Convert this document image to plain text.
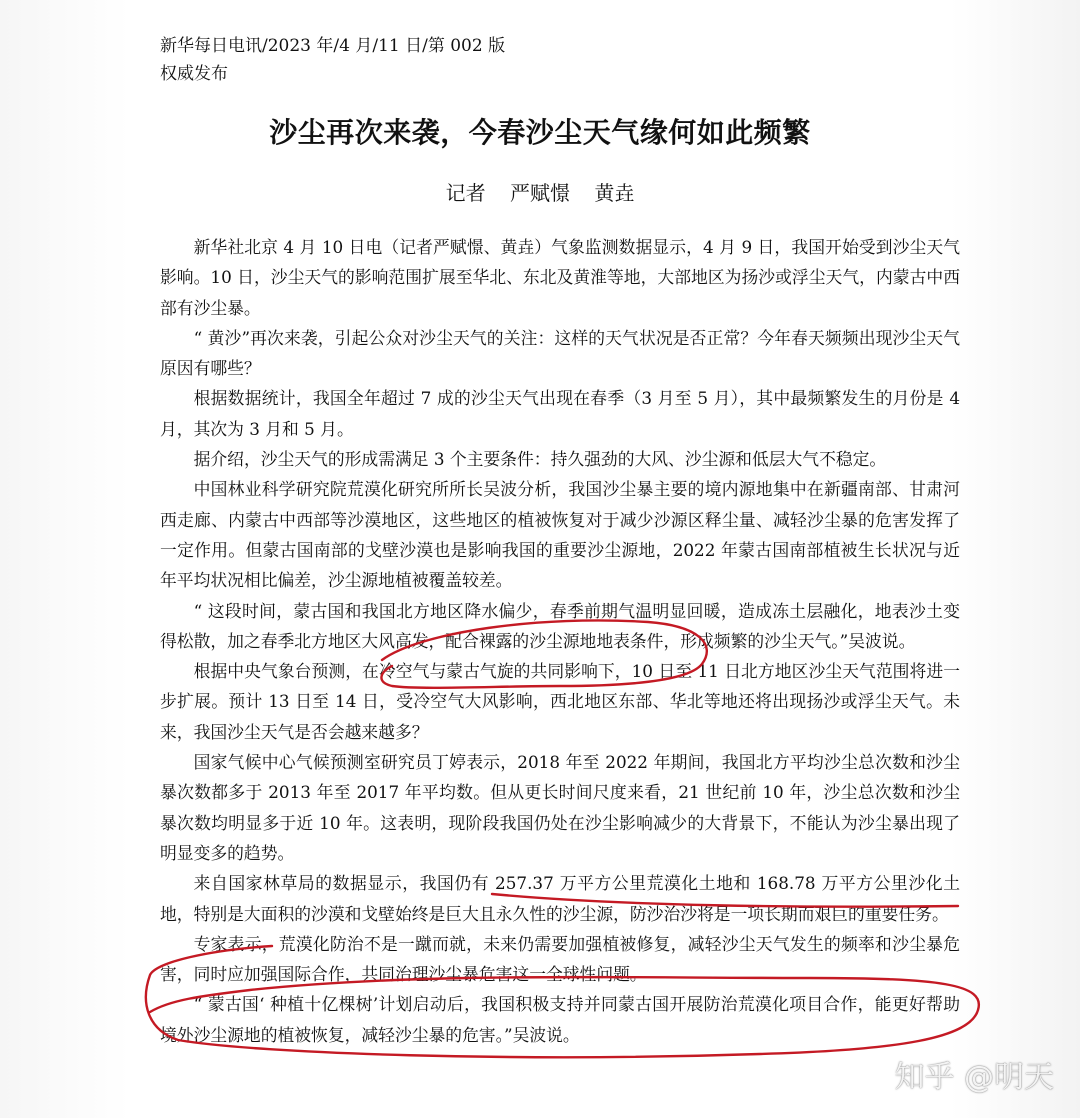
新华每日电讯/2023 年/4 月/11 日/第 002 版
权威发布
沙尘再次来袭，今春沙尘天气缘何如此频繁
记者 严赋憬 黄垚

新华社北京 4 月 10 日电（记者严赋憬、黄垚）气象监测数据显示，4 月 9 日，我国开始受到沙尘天气影响。10 日，沙尘天气的影响范围扩展至华北、东北及黄淮等地，大部地区为扬沙或浮尘天气，内蒙古中西部有沙尘暴。

“ 黄沙”再次来袭，引起公众对沙尘天气的关注：这样的天气状况是否正常？今年春天频频出现沙尘天气原因有哪些？

根据数据统计，我国全年超过 7 成的沙尘天气出现在春季（3 月至 5 月），其中最频繁发生的月份是 4 月，其次为 3 月和 5 月。

据介绍，沙尘天气的形成需满足 3 个主要条件：持久强劲的大风、沙尘源和低层大气不稳定。

中国林业科学研究院荒漠化研究所所长吴波分析，我国沙尘暴主要的境内源地集中在新疆南部、甘肃河西走廊、内蒙古中西部等沙漠地区，这些地区的植被恢复对于减少沙源区释尘量、减轻沙尘暴的危害发挥了一定作用。但蒙古国南部的戈壁沙漠也是影响我国的重要沙尘源地，2022 年蒙古国南部植被生长状况与近年平均状况相比偏差，沙尘源地植被覆盖较差。

“ 这段时间，蒙古国和我国北方地区降水偏少，春季前期气温明显回暖，造成冻土层融化，地表沙土变得松散，加之春季北方地区大风高发，配合裸露的沙尘源地地表条件，形成频繁的沙尘天气。”吴波说。

根据中央气象台预测，在冷空气与蒙古气旋的共同影响下，10 日至 11 日北方地区沙尘天气范围将进一步扩展。预计 13 日至 14 日，受冷空气大风影响，西北地区东部、华北等地还将出现扬沙或浮尘天气。未来，我国沙尘天气是否会越来越多？

国家气候中心气候预测室研究员丁婷表示，2018 年至 2022 年期间，我国北方平均沙尘总次数和沙尘暴次数都多于 2013 年至 2017 年平均数。但从更长时间尺度来看，21 世纪前 10 年，沙尘总次数和沙尘暴次数均明显多于近 10 年。这表明，现阶段我国仍处在沙尘影响减少的大背景下，不能认为沙尘暴出现了明显变多的趋势。

来自国家林草局的数据显示，我国仍有 257.37 万平方公里荒漠化土地和 168.78 万平方公里沙化土地，特别是大面积的沙漠和戈壁始终是巨大且永久性的沙尘源，防沙治沙将是一项长期而艰巨的重要任务。

专家表示，荒漠化防治不是一蹴而就，未来仍需要加强植被修复，减轻沙尘天气发生的频率和沙尘暴危害，同时应加强国际合作，共同治理沙尘暴危害这一全球性问题。

“ 蒙古国‘ 种植十亿棵树’计划启动后，我国积极支持并同蒙古国开展防治荒漠化项目合作，能更好帮助境外沙尘源地的植被恢复，减轻沙尘暴的危害。”吴波说。

知乎 @明天
